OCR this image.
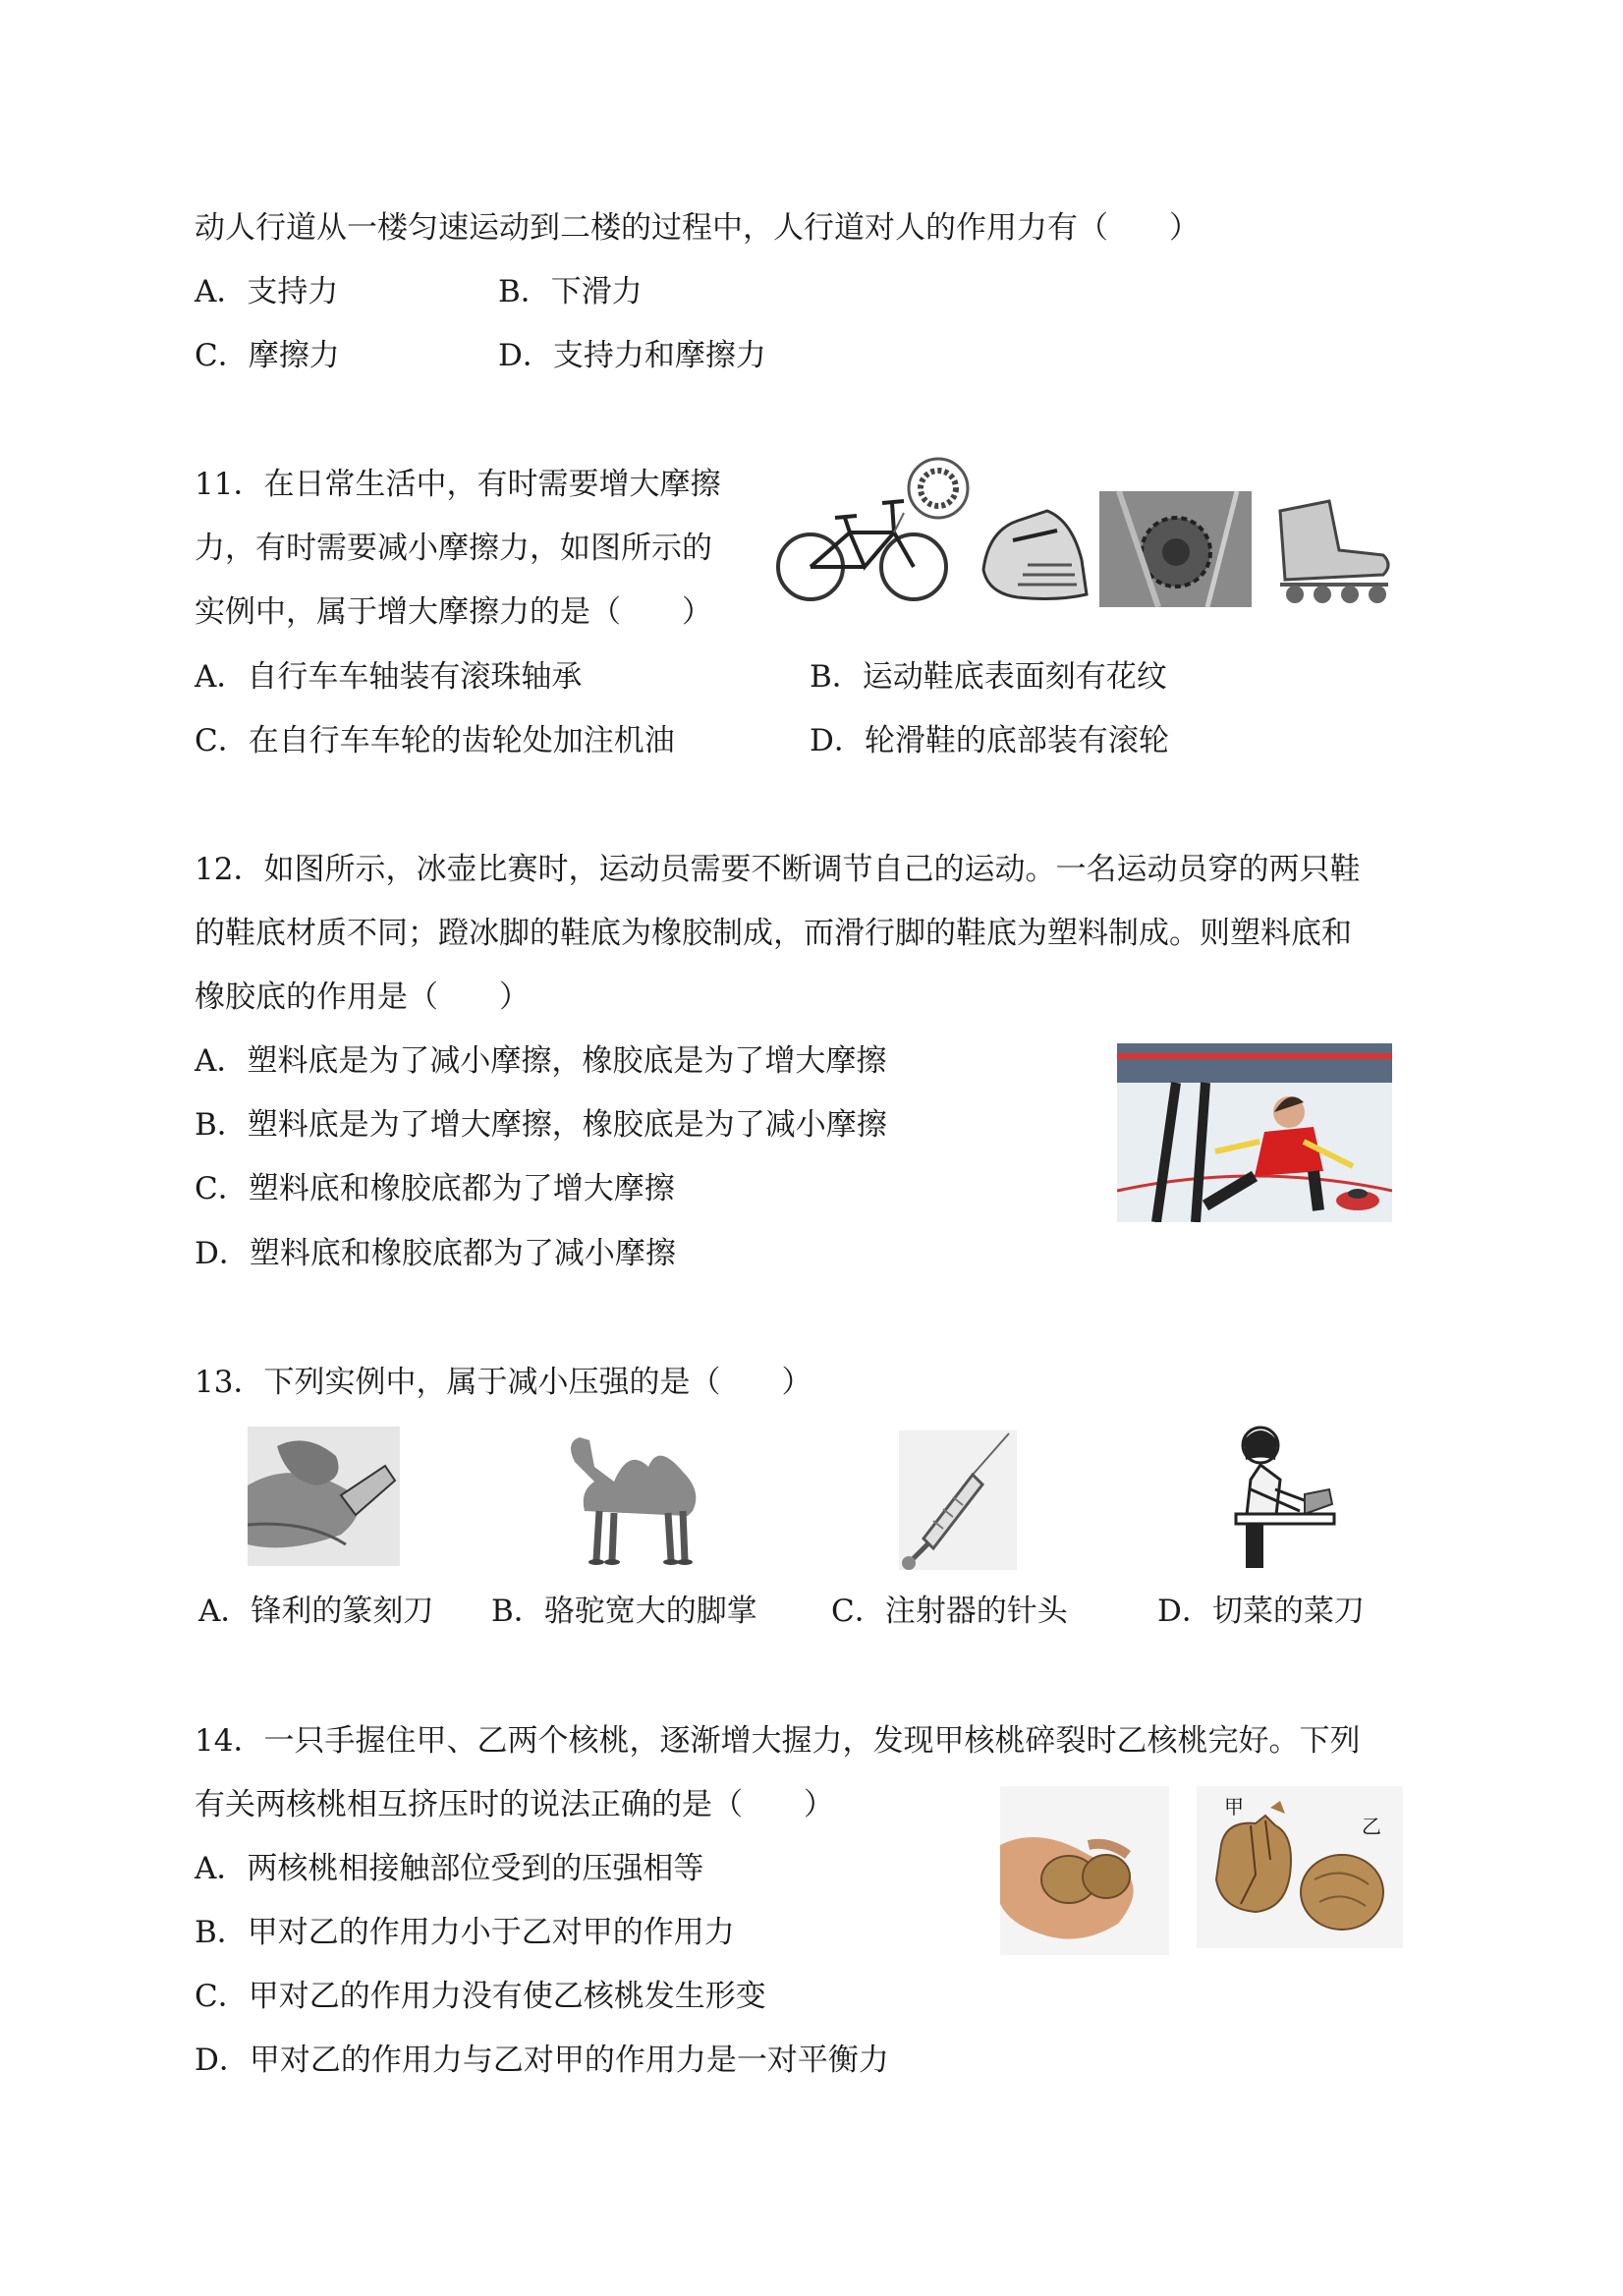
动人行道从一楼匀速运动到二楼的过程中，人行道对人的作用力有（　　）
A．支持力	B．下滑力
C．摩擦力	D．支持力和摩擦力
11．在日常生活中，有时需要增大摩擦
力，有时需要减小摩擦力，如图所示的
实例中，属于增大摩擦力的是（　　）
A．自行车车轴装有滚珠轴承	B．运动鞋底表面刻有花纹
C．在自行车车轮的齿轮处加注机油	D．轮滑鞋的底部装有滚轮
12．如图所示，冰壶比赛时，运动员需要不断调节自己的运动。一名运动员穿的两只鞋
的鞋底材质不同；蹬冰脚的鞋底为橡胶制成，而滑行脚的鞋底为塑料制成。则塑料底和
橡胶底的作用是（　　）
A．塑料底是为了减小摩擦，橡胶底是为了增大摩擦
B．塑料底是为了增大摩擦，橡胶底是为了减小摩擦
C．塑料底和橡胶底都为了增大摩擦
D．塑料底和橡胶底都为了减小摩擦
13．下列实例中，属于减小压强的是（　　）
A．锋利的篆刻刀 B．骆驼宽大的脚掌 C．注射器的针头	D．切菜的菜刀
14．一只手握住甲、乙两个核桃，逐渐增大握力，发现甲核桃碎裂时乙核桃完好。下列
有关两核桃相互挤压时的说法正确的是（　　）
A．两核桃相接触部位受到的压强相等
B．甲对乙的作用力小于乙对甲的作用力
C．甲对乙的作用力没有使乙核桃发生形变
D．甲对乙的作用力与乙对甲的作用力是一对平衡力
甲
乙
